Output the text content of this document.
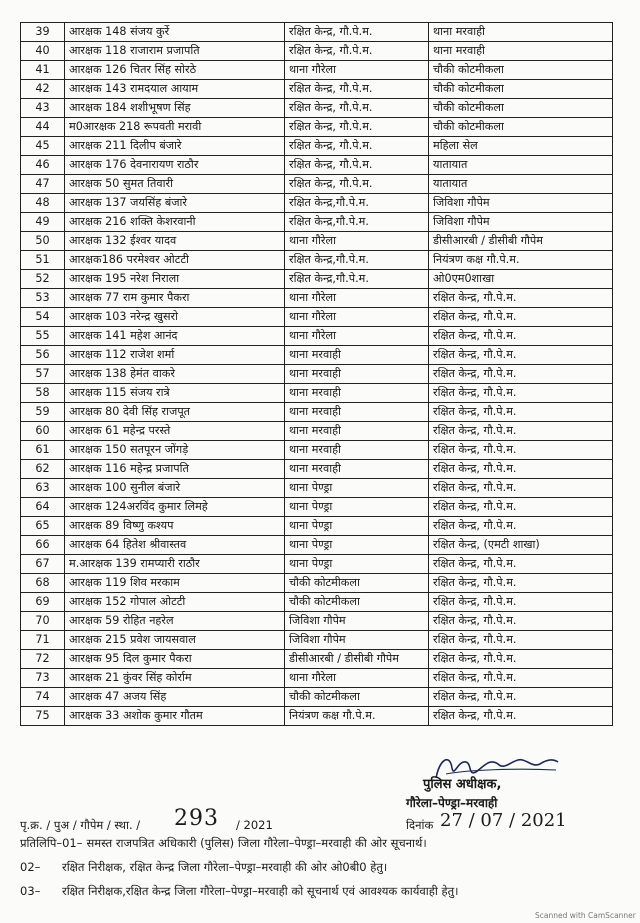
39	आरक्षक 148 संजय कुर्रे	रक्षित केन्द्र, गौ.पे.म.	थाना मरवाही
40	आरक्षक 118 राजाराम प्रजापति	रक्षित केन्द्र, गौ.पे.म.	थाना मरवाही
41	आरक्षक 126 चितर सिंह सोरठे	थाना गौरेला	चौकी कोटमीकला
42	आरक्षक 143 रामदयाल आयाम	रक्षित केन्द्र, गौ.पे.म.	चौकी कोटमीकला
43	आरक्षक 184 शशीभूषण सिंह	रक्षित केन्द्र, गौ.पे.म.	चौकी कोटमीकला
44	म0आरक्षक 218 रूपवती मरावी	रक्षित केन्द्र, गौ.पे.म.	चौकी कोटमीकला
45	आरक्षक 211 दिलीप बंजारे	रक्षित केन्द्र, गौ.पे.म.	महिला सेल
46	आरक्षक 176 देवनारायण राठौर	रक्षित केन्द्र, गौ.पे.म.	यातायात
47	आरक्षक 50 सुमत तिवारी	रक्षित केन्द्र, गौ.पे.म.	यातायात
48	आरक्षक 137 जयसिंह बंजारे	रक्षित केन्द्र,गौ.पे.म.	जिविशा गौपेम
49	आरक्षक 216 शक्ति केशरवानी	रक्षित केन्द्र,गौ.पे.म.	जिविशा गौपेम
50	आरक्षक 132 ईश्वर यादव	थाना गौरेला	डीसीआरबी / डीसीबी गौपेम
51	आरक्षक186 परमेश्वर ओटटी	रक्षित केन्द्र,गौ.पे.म.	नियंत्रण कक्ष गौ.पे.म.
52	आरक्षक 195 नरेश निराला	रक्षित केन्द्र,गौ.पे.म.	ओ0एम0शाखा
53	आरक्षक 77 राम कुमार पैकरा	थाना गौरेला	रक्षित केन्द्र, गौ.पे.म.
54	आरक्षक 103 नरेन्द्र खुसरो	थाना गौरेला	रक्षित केन्द्र, गौ.पे.म.
55	आरक्षक 141 महेश आनंद	थाना गौरेला	रक्षित केन्द्र, गौ.पे.म.
56	आरक्षक 112 राजेश शर्मा	थाना मरवाही	रक्षित केन्द्र, गौ.पे.म.
57	आरक्षक 138 हेमंत वाकरे	थाना मरवाही	रक्षित केन्द्र, गौ.पे.म.
58	आरक्षक 115 संजय रात्रे	थाना मरवाही	रक्षित केन्द्र, गौ.पे.म.
59	आरक्षक 80 देवी सिंह राजपूत	थाना मरवाही	रक्षित केन्द्र, गौ.पे.म.
60	आरक्षक 61 महेन्द्र परस्ते	थाना मरवाही	रक्षित केन्द्र, गौ.पे.म.
61	आरक्षक 150 सतपूरन जोंगड़े	थाना मरवाही	रक्षित केन्द्र, गौ.पे.म.
62	आरक्षक 116 महेन्द्र प्रजापति	थाना मरवाही	रक्षित केन्द्र, गौ.पे.म.
63	आरक्षक 100 सुनील बंजारे	थाना पेण्ड्रा	रक्षित केन्द्र, गौ.पे.म.
64	आरक्षक 124अरविंद कुमार लिमहे	थाना पेण्ड्रा	रक्षित केन्द्र, गौ.पे.म.
65	आरक्षक 89 विष्णु कश्यप	थाना पेण्ड्रा	रक्षित केन्द्र, गौ.पे.म.
66	आरक्षक 64 हितेश श्रीवास्तव	थाना पेण्ड्रा	रक्षित केन्द्र, (एमटी शाखा)
67	म.आरक्षक 139 रामप्यारी राठौर	थाना पेण्ड्रा	रक्षित केन्द्र, गौ.पे.म.
68	आरक्षक 119 शिव मरकाम	चौकी कोटमीकला	रक्षित केन्द्र, गौ.पे.म.
69	आरक्षक 152 गोपाल ओटटी	चौकी कोटमीकला	रक्षित केन्द्र, गौ.पे.म.
70	आरक्षक 59 रोहित नहरेल	जिविशा गौपेम	रक्षित केन्द्र, गौ.पे.म.
71	आरक्षक 215 प्रवेश जायसवाल	जिविशा गौपेम	रक्षित केन्द्र, गौ.पे.म.
72	आरक्षक 95 दिल कुमार पैकरा	डीसीआरबी / डीसीबी गौपेम	रक्षित केन्द्र, गौ.पे.म.
73	आरक्षक 21 कुंवर सिंह कोर्राम	थाना गौरेला	रक्षित केन्द्र, गौ.पे.म.
74	आरक्षक 47 अजय सिंह	चौकी कोटमीकला	रक्षित केन्द्र, गौ.पे.म.
75	आरक्षक 33 अशोक कुमार गौतम	नियंत्रण कक्ष गौ.पे.म.	रक्षित केन्द्र, गौ.पे.म.
पुलिस अधीक्षक,
गौरेला–पेण्ड्रा–मरवाही
पृ.क्र. / पुअ / गौपेम / स्था. / 293 / 2021	दिनांक 27 / 07 / 2021
प्रतिलिपि–01– समस्त राजपत्रित अधिकारी (पुलिस) जिला गौरेला–पेण्ड्रा–मरवाही की ओर सूचनार्थ।
02– रक्षित निरीक्षक, रक्षित केन्द्र जिला गौरेला–पेण्ड्रा–मरवाही की ओर ओ0बी0 हेतु।
03– रक्षित निरीक्षक,रक्षित केन्द्र जिला गौरेला–पेण्ड्रा–मरवाही को सूचनार्थ एवं आवश्यक कार्यवाही हेतु।
Scanned with CamScanner
